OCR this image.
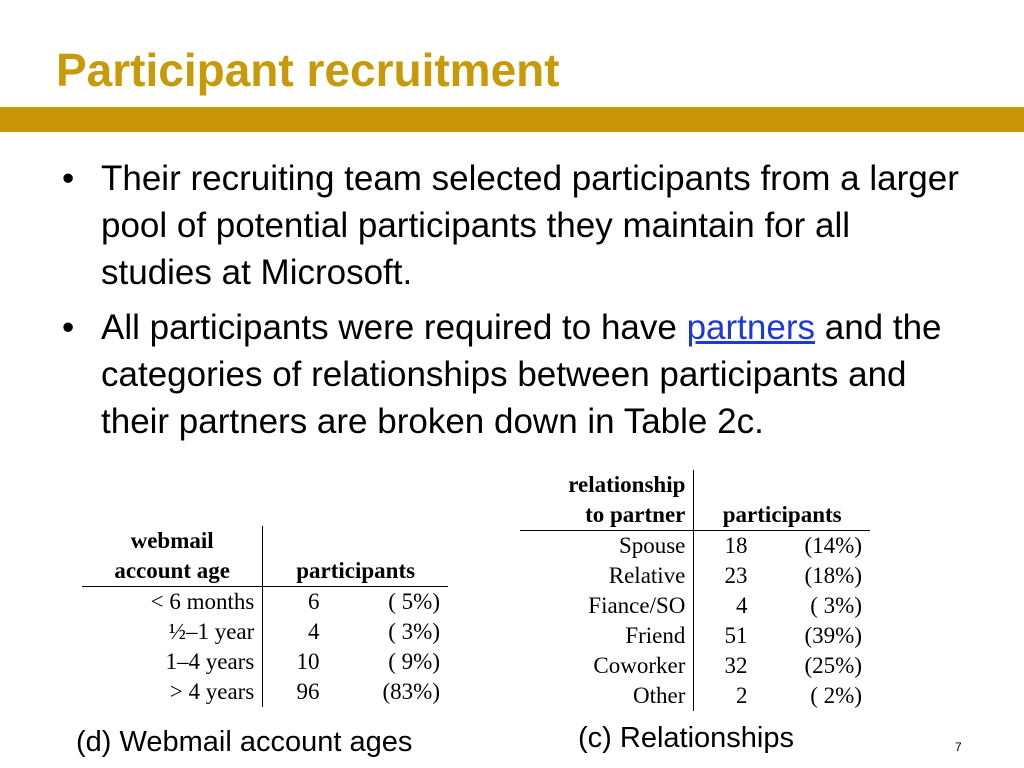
Participant recruitment
• Their recruiting team selected participants from a larger pool of potential participants they maintain for all studies at Microsoft.
• All participants were required to have partners and the categories of relationships between participants and their partners are broken down in Table 2c.
relationship
to partner	participants	

Spouse	18	(14%)
Relative	23	(18%)
Fiance/SO	4	( 3%)
Friend	51	(39%)
Coworker	32	(25%)
Other	2	( 2%)
webmail
account age	participants	

< 6 months	6	( 5%)
½–1 year	4	( 3%)
1–4 years	10	( 9%)
> 4 years	96	(83%)
(d) Webmail account ages	(c) Relationships	7
